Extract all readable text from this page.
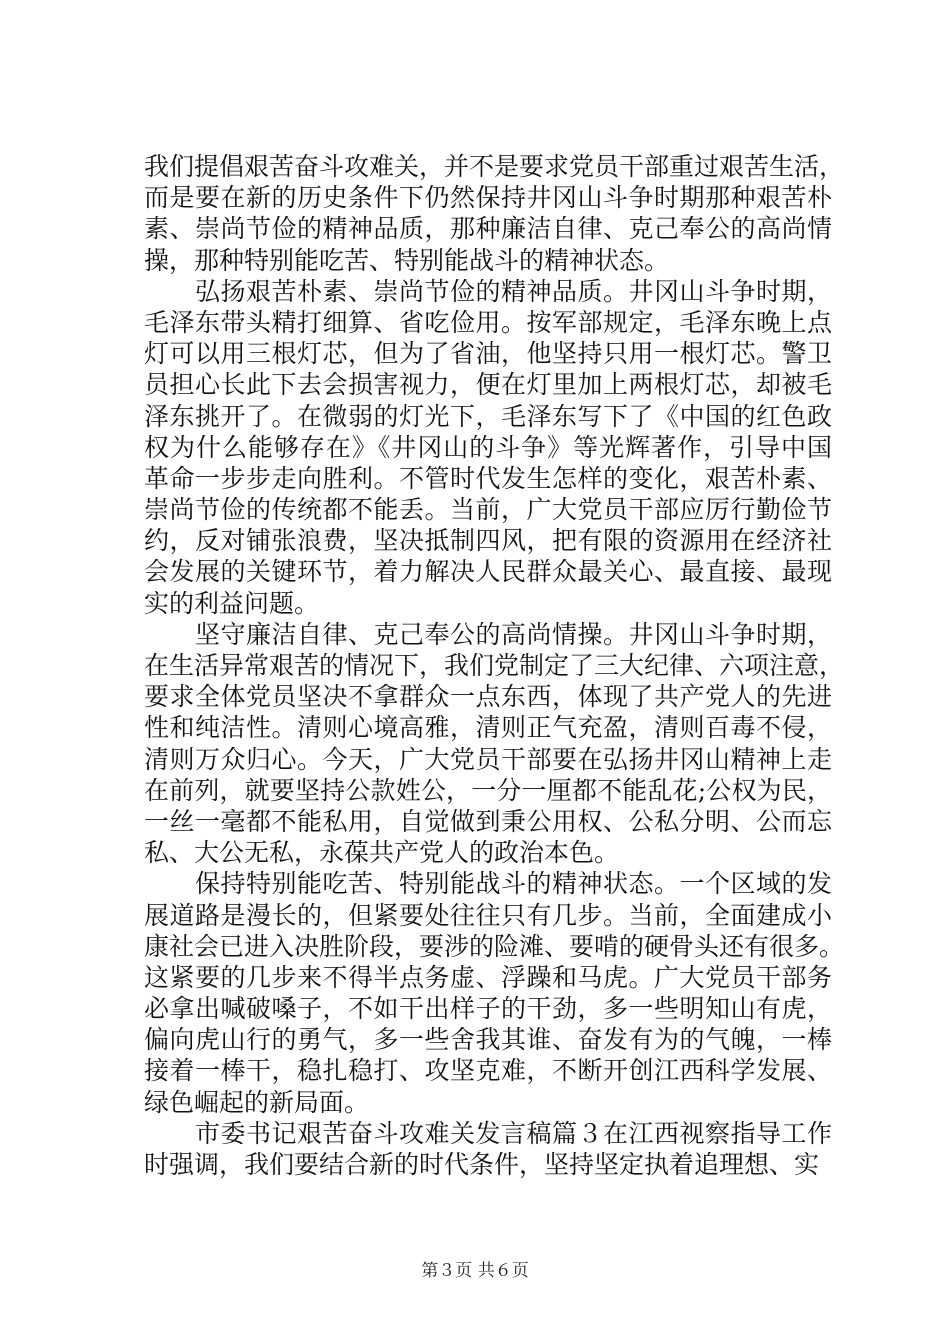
我们提倡艰苦奋斗攻难关，并不是要求党员干部重过艰苦生活，
而是要在新的历史条件下仍然保持井冈山斗争时期那种艰苦朴
素、崇尚节俭的精神品质，那种廉洁自律、克己奉公的高尚情
操，那种特别能吃苦、特别能战斗的精神状态。
　　弘扬艰苦朴素、崇尚节俭的精神品质。井冈山斗争时期，
毛泽东带头精打细算、省吃俭用。按军部规定，毛泽东晚上点
灯可以用三根灯芯，但为了省油，他坚持只用一根灯芯。警卫
员担心长此下去会损害视力，便在灯里加上两根灯芯，却被毛
泽东挑开了。在微弱的灯光下，毛泽东写下了《中国的红色政
权为什么能够存在》《井冈山的斗争》等光辉著作，引导中国
革命一步步走向胜利。不管时代发生怎样的变化，艰苦朴素、
崇尚节俭的传统都不能丢。当前，广大党员干部应厉行勤俭节
约，反对铺张浪费，坚决抵制四风，把有限的资源用在经济社
会发展的关键环节，着力解决人民群众最关心、最直接、最现
实的利益问题。
　　坚守廉洁自律、克己奉公的高尚情操。井冈山斗争时期，
在生活异常艰苦的情况下，我们党制定了三大纪律、六项注意，
要求全体党员坚决不拿群众一点东西，体现了共产党人的先进
性和纯洁性。清则心境高雅，清则正气充盈，清则百毒不侵，
清则万众归心。今天，广大党员干部要在弘扬井冈山精神上走
在前列，就要坚持公款姓公，一分一厘都不能乱花;公权为民，
一丝一毫都不能私用，自觉做到秉公用权、公私分明、公而忘
私、大公无私，永葆共产党人的政治本色。
　　保持特别能吃苦、特别能战斗的精神状态。一个区域的发
展道路是漫长的，但紧要处往往只有几步。当前，全面建成小
康社会已进入决胜阶段，要涉的险滩、要啃的硬骨头还有很多。
这紧要的几步来不得半点务虚、浮躁和马虎。广大党员干部务
必拿出喊破嗓子，不如干出样子的干劲，多一些明知山有虎，
偏向虎山行的勇气，多一些舍我其谁、奋发有为的气魄，一棒
接着一棒干，稳扎稳打、攻坚克难，不断开创江西科学发展、
绿色崛起的新局面。
　　市委书记艰苦奋斗攻难关发言稿篇３在江西视察指导工作
时强调，我们要结合新的时代条件，坚持坚定执着追理想、实
第３页 共６页
